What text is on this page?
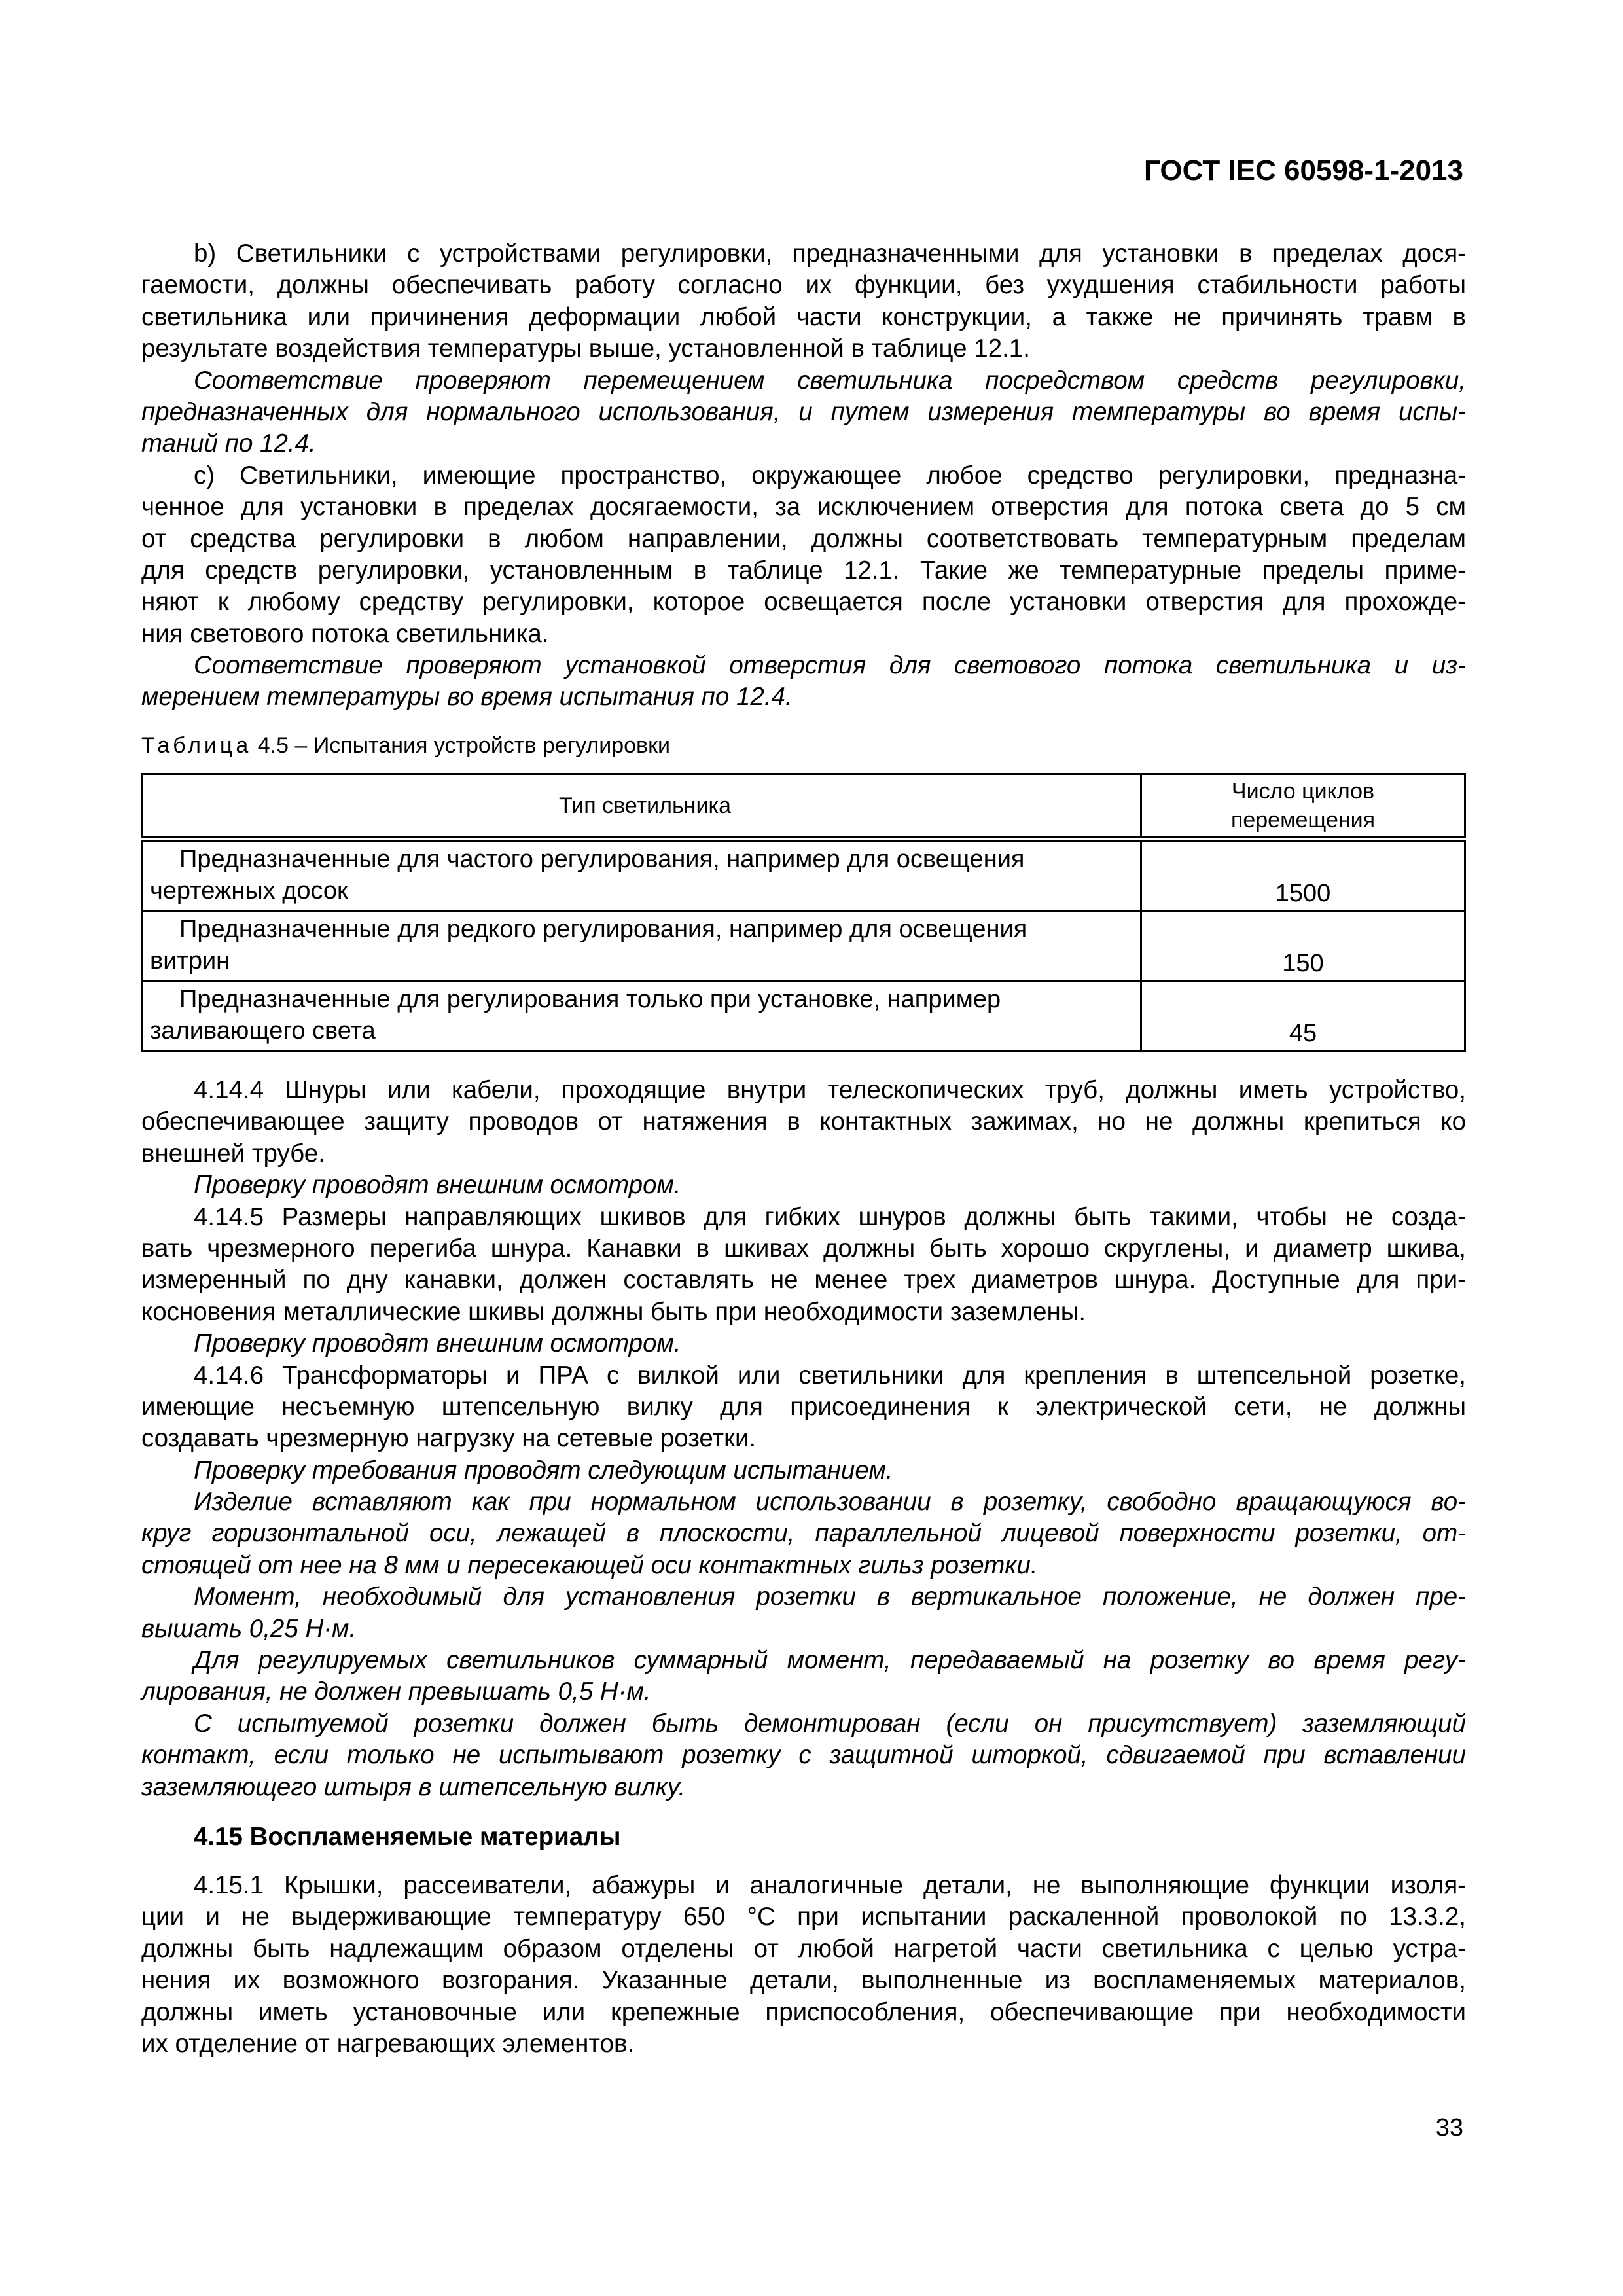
ГОСТ IEC 60598-1-2013
b) Светильники с устройствами регулировки, предназначенными для установки в пределах дося-
гаемости, должны обеспечивать работу согласно их функции, без ухудшения стабильности работы
светильника или причинения деформации любой части конструкции, а также не причинять травм в
результате воздействия температуры выше, установленной в таблице 12.1.
Соответствие проверяют перемещением светильника посредством средств регулировки,
предназначенных для нормального использования, и путем измерения температуры во время испы-
таний по 12.4.
с) Светильники, имеющие пространство, окружающее любое средство регулировки, предназна-
ченное для установки в пределах досягаемости, за исключением отверстия для потока света до 5 см
от средства регулировки в любом направлении, должны соответствовать температурным пределам
для средств регулировки, установленным в таблице 12.1. Такие же температурные пределы приме-
няют к любому средству регулировки, которое освещается после установки отверстия для прохожде-
ния светового потока светильника.
Соответствие проверяют установкой отверстия для светового потока светильника и из-
мерением температуры во время испытания по 12.4.
Таблица 4.5 – Испытания устройств регулировки
Тип светильника	Число циклов
перемещения

Предназначенные для частого регулирования, например для освещения
чертежных досок	1500

Предназначенные для редкого регулирования, например для освещения
витрин	150

Предназначенные для регулирования только при установке, например
заливающего света	45
4.14.4 Шнуры или кабели, проходящие внутри телескопических труб, должны иметь устройство,
обеспечивающее защиту проводов от натяжения в контактных зажимах, но не должны крепиться ко
внешней трубе.
Проверку проводят внешним осмотром.
4.14.5 Размеры направляющих шкивов для гибких шнуров должны быть такими, чтобы не созда-
вать чрезмерного перегиба шнура. Канавки в шкивах должны быть хорошо скруглены, и диаметр шкива,
измеренный по дну канавки, должен составлять не менее трех диаметров шнура. Доступные для при-
косновения металлические шкивы должны быть при необходимости заземлены.
Проверку проводят внешним осмотром.
4.14.6 Трансформаторы и ПРА с вилкой или светильники для крепления в штепсельной розетке,
имеющие несъемную штепсельную вилку для присоединения к электрической сети, не должны
создавать чрезмерную нагрузку на сетевые розетки.
Проверку требования проводят следующим испытанием.
Изделие вставляют как при нормальном использовании в розетку, свободно вращающуюся во-
круг горизонтальной оси, лежащей в плоскости, параллельной лицевой поверхности розетки, от-
стоящей от нее на 8 мм и пересекающей оси контактных гильз розетки.
Момент, необходимый для установления розетки в вертикальное положение, не должен пре-
вышать 0,25 Н·м.
Для регулируемых светильников суммарный момент, передаваемый на розетку во время регу-
лирования, не должен превышать 0,5 Н·м.
С испытуемой розетки должен быть демонтирован (если он присутствует) заземляющий
контакт, если только не испытывают розетку с защитной шторкой, сдвигаемой при вставлении
заземляющего штыря в штепсельную вилку.
4.15 Воспламеняемые материалы
4.15.1 Крышки, рассеиватели, абажуры и аналогичные детали, не выполняющие функции изоля-
ции и не выдерживающие температуру 650 °С при испытании раскаленной проволокой по 13.3.2,
должны быть надлежащим образом отделены от любой нагретой части светильника с целью устра-
нения их возможного возгорания. Указанные детали, выполненные из воспламеняемых материалов,
должны иметь установочные или крепежные приспособления, обеспечивающие при необходимости
их отделение от нагревающих элементов.
33
